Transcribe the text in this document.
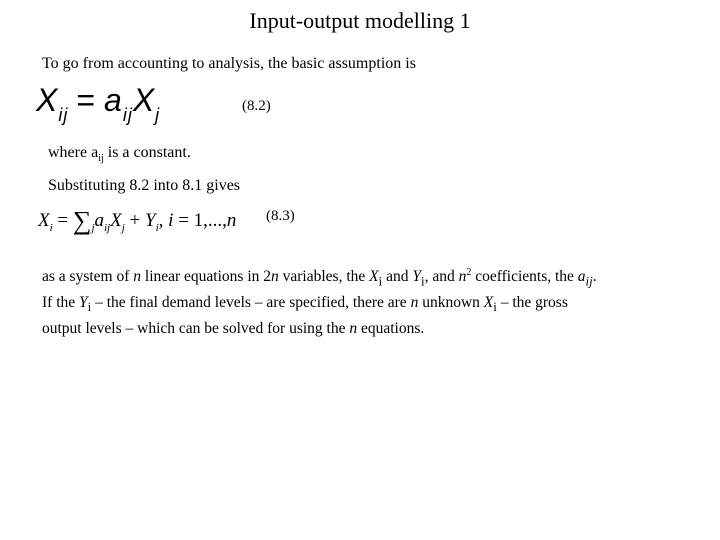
Input-output modelling 1
To go from accounting to analysis, the basic assumption is
$X_{ij} = a_{ij}X_j$	(8.2)
where $a_{ij}$ is a constant.
Substituting 8.2 into 8.1 gives
$X_i = \sum_ja_{ij}X_j + Y_i$, i = 1,...,n (8.3)
as a system of n linear equations in 2n variables, the $X_i$ and $Y_i$, and $n^2$ coefficients, the $a_{ij}$.
If the $Y_i$ – the final demand levels – are specified, there are n unknown $X_i$ – the gross
output levels – which can be solved for using the n equations.
